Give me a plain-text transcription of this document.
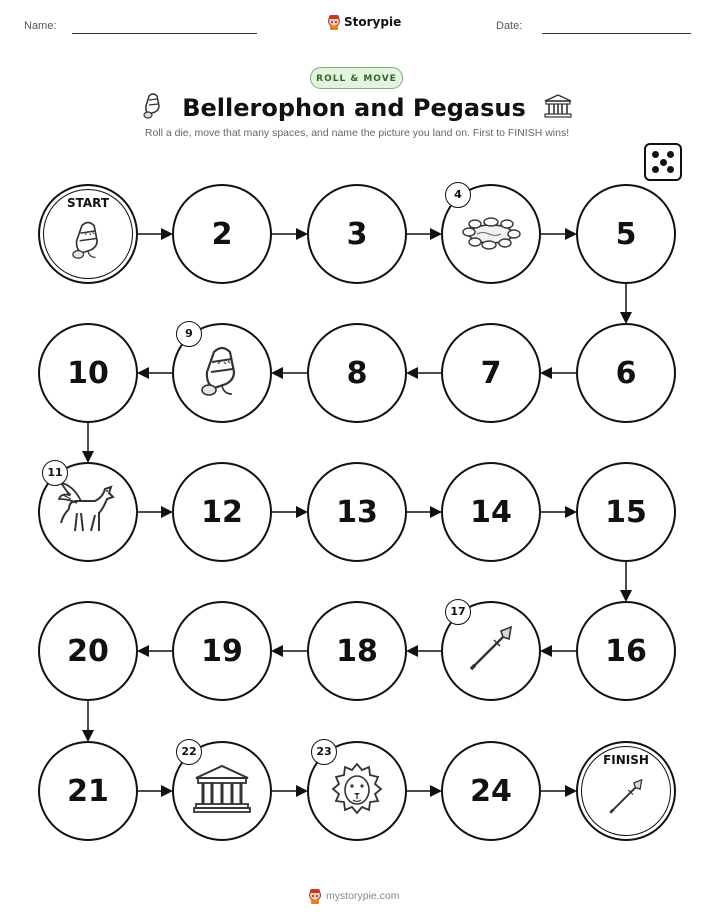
Name:	Storypie	Date:
ROLL & MOVE
Bellerophon and Pegasus
Roll a die, move that many spaces, and name the picture you land on. First to FINISH wins!
START
2	3
4
5
6
7
8
9
10
11
12	13	14	15
16
17
18
19
20
21
22	23
24
FINISH
mystorypie.com
